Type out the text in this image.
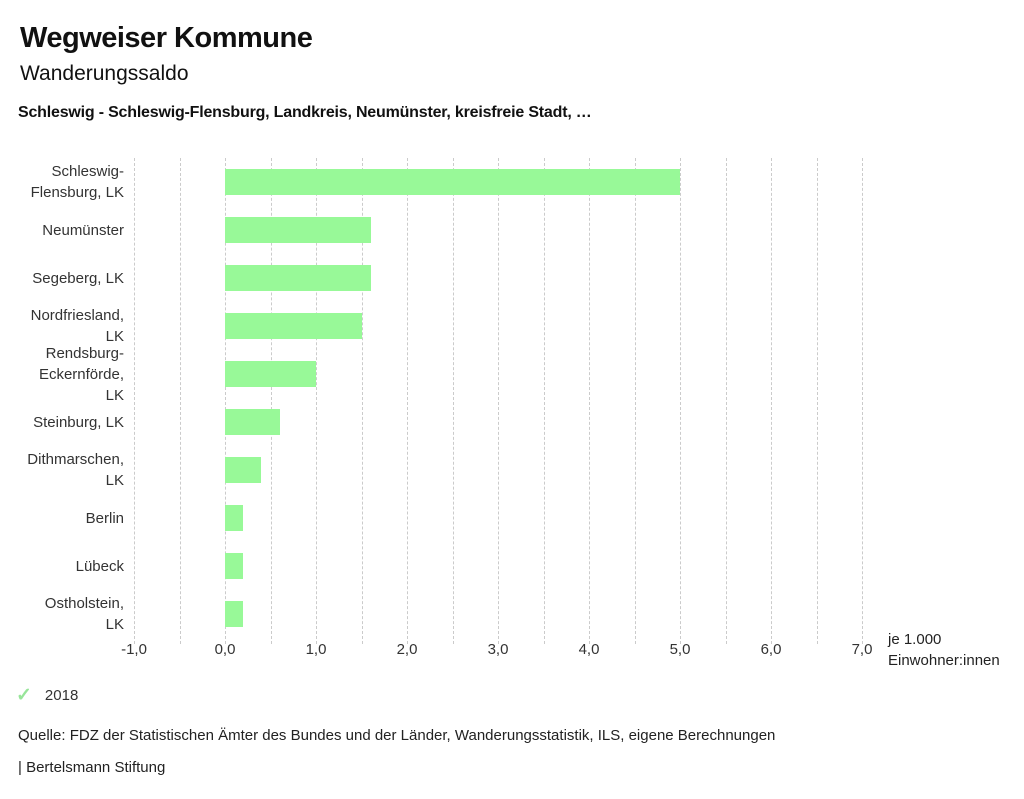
Wegweiser Kommune
Wanderungssaldo
Schleswig - Schleswig-Flensburg, Landkreis, Neumünster, kreisfreie Stadt, …
Schleswig-
Flensburg, LK
Neumünster
Segeberg, LK
Nordfriesland,
LK
Rendsburg-
Eckernförde,
LK
Steinburg, LK
Dithmarschen,
LK
Berlin
Lübeck
Ostholstein,
LK
-1,0	0,0	1,0	2,0	3,0	4,0	5,0	6,0	7,0
je 1.000
Einwohner:innen
✓ 2018
Quelle: FDZ der Statistischen Ämter des Bundes und der Länder, Wanderungsstatistik, ILS, eigene Berechnungen
| Bertelsmann Stiftung
